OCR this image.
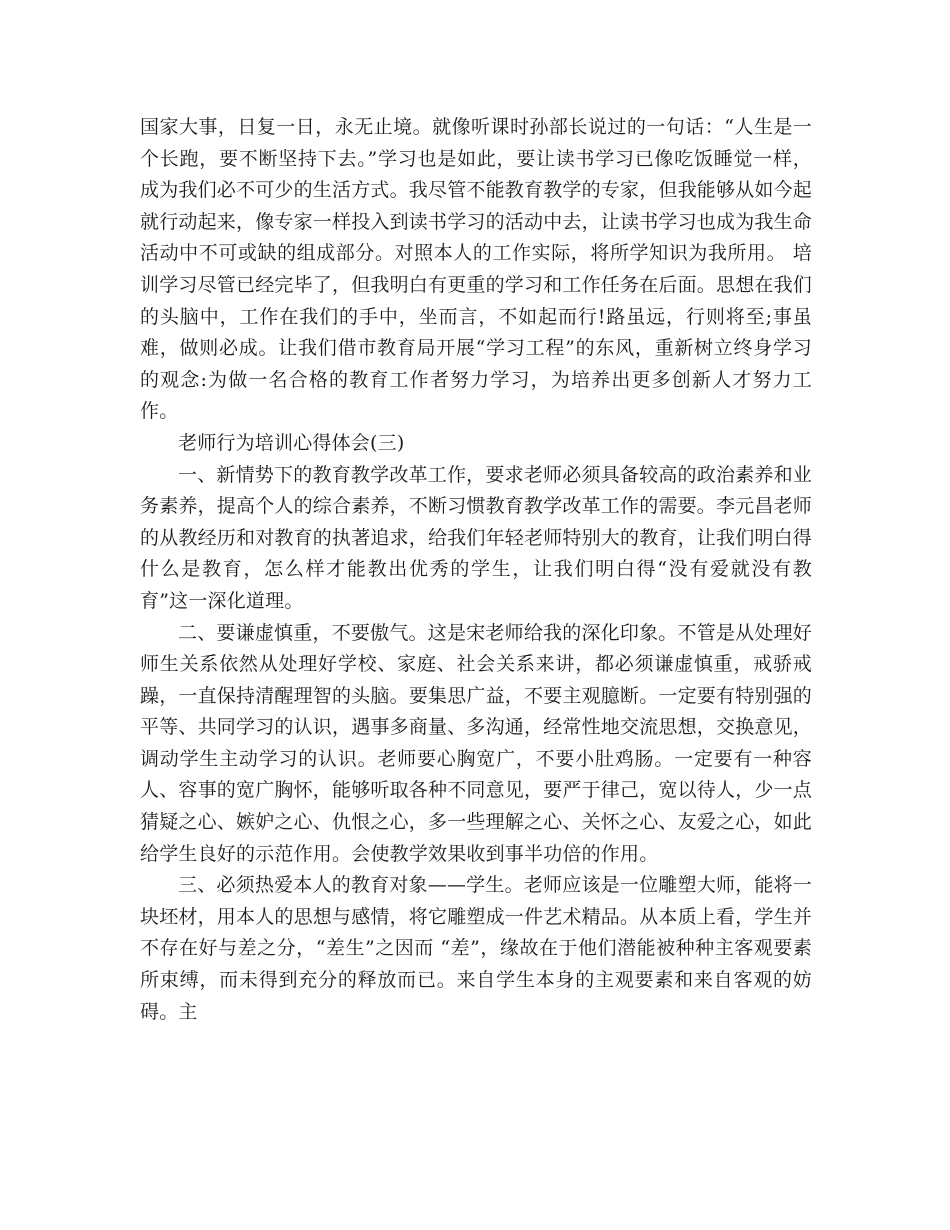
国家大事，日复一日，永无止境。就像听课时孙部长说过的一句话：“人生是一个长跑，要不断坚持下去。”学习也是如此，要让读书学习已像吃饭睡觉一样，成为我们必不可少的生活方式。我尽管不能教育教学的专家，但我能够从如今起就行动起来，像专家一样投入到读书学习的活动中去，让读书学习也成为我生命活动中不可或缺的组成部分。对照本人的工作实际，将所学知识为我所用。 培训学习尽管已经完毕了，但我明白有更重的学习和工作任务在后面。思想在我们的头脑中，工作在我们的手中，坐而言，不如起而行!路虽远，行则将至;事虽难，做则必成。让我们借市教育局开展“学习工程”的东风，重新树立终身学习的观念:为做一名合格的教育工作者努力学习，为培养出更多创新人才努力工作。

老师行为培训心得体会(三)

一、新情势下的教育教学改革工作，要求老师必须具备较高的政治素养和业务素养，提高个人的综合素养，不断习惯教育教学改革工作的需要。李元昌老师的从教经历和对教育的执著追求，给我们年轻老师特别大的教育，让我们明白得什么是教育，怎么样才能教出优秀的学生，让我们明白得“没有爱就没有教育”这一深化道理。

二、要谦虚慎重，不要傲气。这是宋老师给我的深化印象。不管是从处理好师生关系依然从处理好学校、家庭、社会关系来讲，都必须谦虚慎重，戒骄戒躁，一直保持清醒理智的头脑。要集思广益，不要主观臆断。一定要有特别强的平等、共同学习的认识，遇事多商量、多沟通，经常性地交流思想，交换意见，调动学生主动学习的认识。老师要心胸宽广，不要小肚鸡肠。一定要有一种容人、容事的宽广胸怀，能够听取各种不同意见，要严于律己，宽以待人，少一点猜疑之心、嫉妒之心、仇恨之心，多一些理解之心、关怀之心、友爱之心，如此给学生良好的示范作用。会使教学效果收到事半功倍的作用。

三、必须热爱本人的教育对象——学生。老师应该是一位雕塑大师，能将一块坯材，用本人的思想与感情，将它雕塑成一件艺术精品。从本质上看，学生并不存在好与差之分，“差生”之因而 “差”，缘故在于他们潜能被种种主客观要素所束缚，而未得到充分的释放而已。来自学生本身的主观要素和来自客观的妨碍。主
